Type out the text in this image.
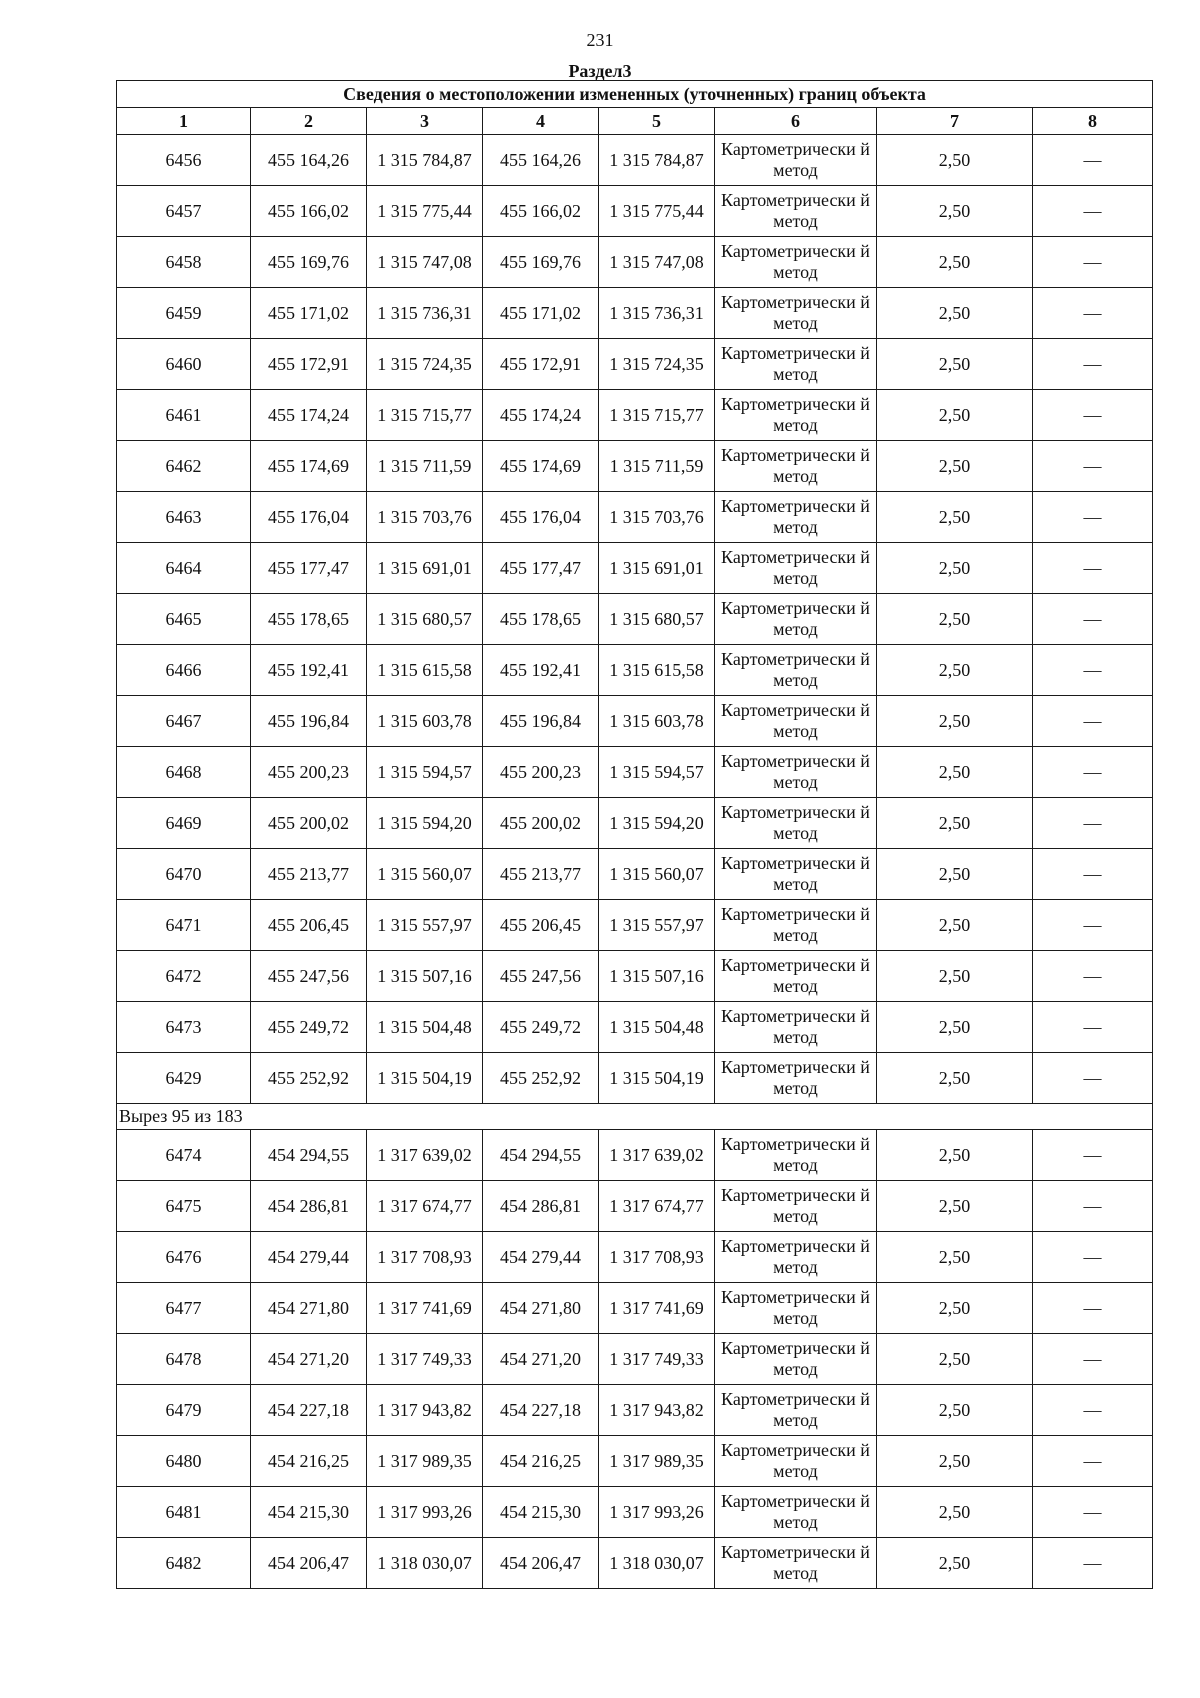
231
Раздел3
Сведения о местоположении измененных (уточненных) границ объекта							
1	2	3	4	5	6	7	8
6456	455 164,26	1 315 784,87	455 164,26	1 315 784,87	Картометрически й метод	2,50	—
6457	455 166,02	1 315 775,44	455 166,02	1 315 775,44	Картометрически й метод	2,50	—
6458	455 169,76	1 315 747,08	455 169,76	1 315 747,08	Картометрически й метод	2,50	—
6459	455 171,02	1 315 736,31	455 171,02	1 315 736,31	Картометрически й метод	2,50	—
6460	455 172,91	1 315 724,35	455 172,91	1 315 724,35	Картометрически й метод	2,50	—
6461	455 174,24	1 315 715,77	455 174,24	1 315 715,77	Картометрически й метод	2,50	—
6462	455 174,69	1 315 711,59	455 174,69	1 315 711,59	Картометрически й метод	2,50	—
6463	455 176,04	1 315 703,76	455 176,04	1 315 703,76	Картометрически й метод	2,50	—
6464	455 177,47	1 315 691,01	455 177,47	1 315 691,01	Картометрически й метод	2,50	—
6465	455 178,65	1 315 680,57	455 178,65	1 315 680,57	Картометрически й метод	2,50	—
6466	455 192,41	1 315 615,58	455 192,41	1 315 615,58	Картометрически й метод	2,50	—
6467	455 196,84	1 315 603,78	455 196,84	1 315 603,78	Картометрически й метод	2,50	—
6468	455 200,23	1 315 594,57	455 200,23	1 315 594,57	Картометрически й метод	2,50	—
6469	455 200,02	1 315 594,20	455 200,02	1 315 594,20	Картометрически й метод	2,50	—
6470	455 213,77	1 315 560,07	455 213,77	1 315 560,07	Картометрически й метод	2,50	—
6471	455 206,45	1 315 557,97	455 206,45	1 315 557,97	Картометрически й метод	2,50	—
6472	455 247,56	1 315 507,16	455 247,56	1 315 507,16	Картометрически й метод	2,50	—
6473	455 249,72	1 315 504,48	455 249,72	1 315 504,48	Картометрически й метод	2,50	—
6429	455 252,92	1 315 504,19	455 252,92	1 315 504,19	Картометрически й метод	2,50	—
Вырез 95 из 183							
6474	454 294,55	1 317 639,02	454 294,55	1 317 639,02	Картометрически й метод	2,50	—
6475	454 286,81	1 317 674,77	454 286,81	1 317 674,77	Картометрически й метод	2,50	—
6476	454 279,44	1 317 708,93	454 279,44	1 317 708,93	Картометрически й метод	2,50	—
6477	454 271,80	1 317 741,69	454 271,80	1 317 741,69	Картометрически й метод	2,50	—
6478	454 271,20	1 317 749,33	454 271,20	1 317 749,33	Картометрически й метод	2,50	—
6479	454 227,18	1 317 943,82	454 227,18	1 317 943,82	Картометрически й метод	2,50	—
6480	454 216,25	1 317 989,35	454 216,25	1 317 989,35	Картометрически й метод	2,50	—
6481	454 215,30	1 317 993,26	454 215,30	1 317 993,26	Картометрически й метод	2,50	—
6482	454 206,47	1 318 030,07	454 206,47	1 318 030,07	Картометрически й метод	2,50	—
